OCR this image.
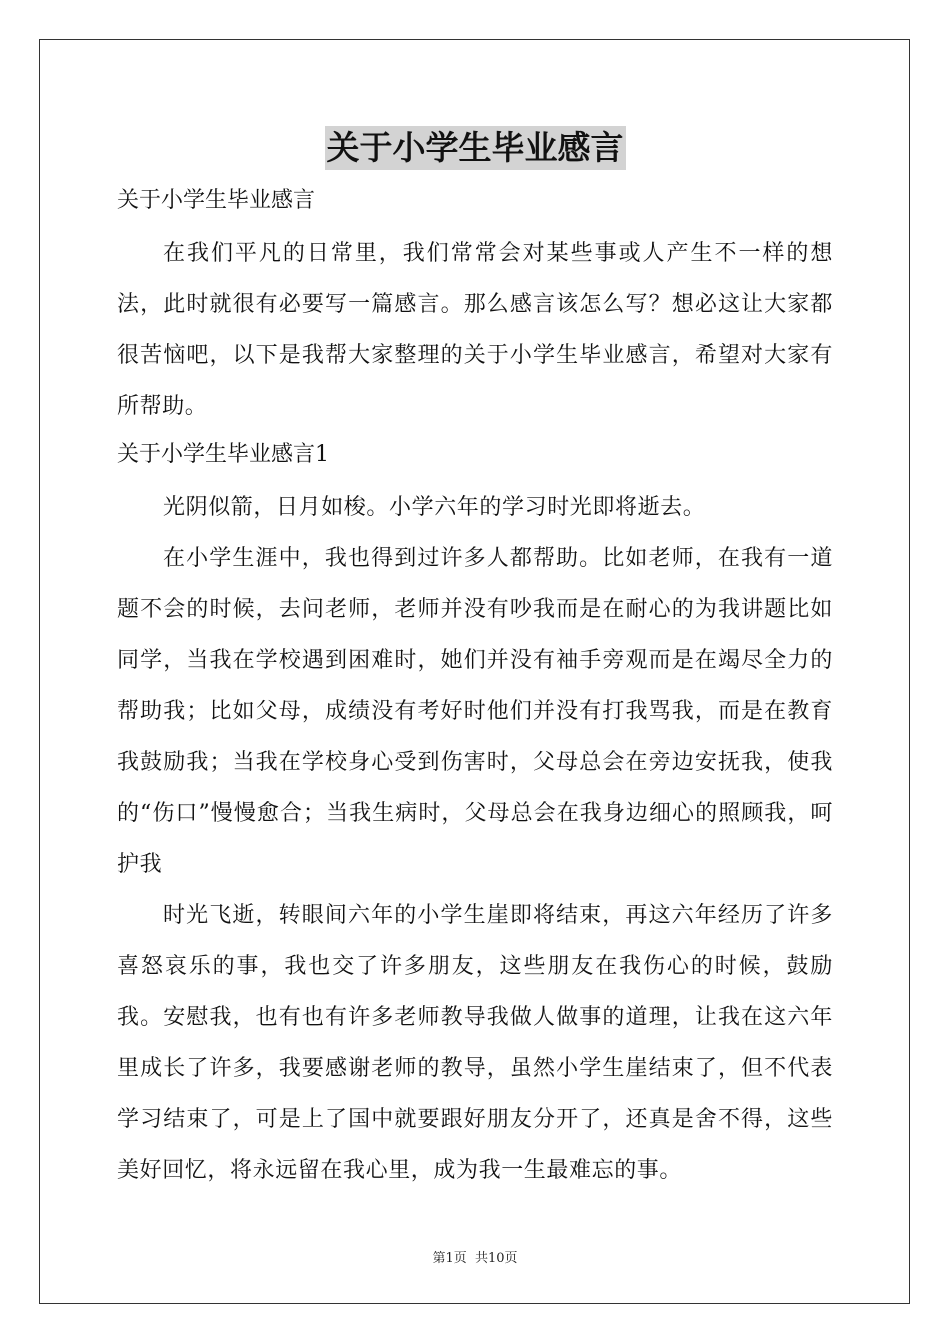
关于小学生毕业感言

关于小学生毕业感言

在我们平凡的日常里，我们常常会对某些事或人产生不一样的想法，此时就很有必要写一篇感言。那么感言该怎么写？想必这让大家都很苦恼吧，以下是我帮大家整理的关于小学生毕业感言，希望对大家有所帮助。

关于小学生毕业感言1

光阴似箭，日月如梭。小学六年的学习时光即将逝去。

在小学生涯中，我也得到过许多人都帮助。比如老师，在我有一道题不会的时候，去问老师，老师并没有吵我而是在耐心的为我讲题比如同学，当我在学校遇到困难时，她们并没有袖手旁观而是在竭尽全力的帮助我；比如父母，成绩没有考好时他们并没有打我骂我，而是在教育我鼓励我；当我在学校身心受到伤害时，父母总会在旁边安抚我，使我的“伤口”慢慢愈合；当我生病时，父母总会在我身边细心的照顾我，呵护我

时光飞逝，转眼间六年的小学生崖即将结束，再这六年经历了许多喜怒哀乐的事，我也交了许多朋友，这些朋友在我伤心的时候，鼓励我。安慰我，也有也有许多老师教导我做人做事的道理，让我在这六年里成长了许多，我要感谢老师的教导，虽然小学生崖结束了，但不代表学习结束了，可是上了国中就要跟好朋友分开了，还真是舍不得，这些美好回忆，将永远留在我心里，成为我一生最难忘的事。

第1页 共10页
